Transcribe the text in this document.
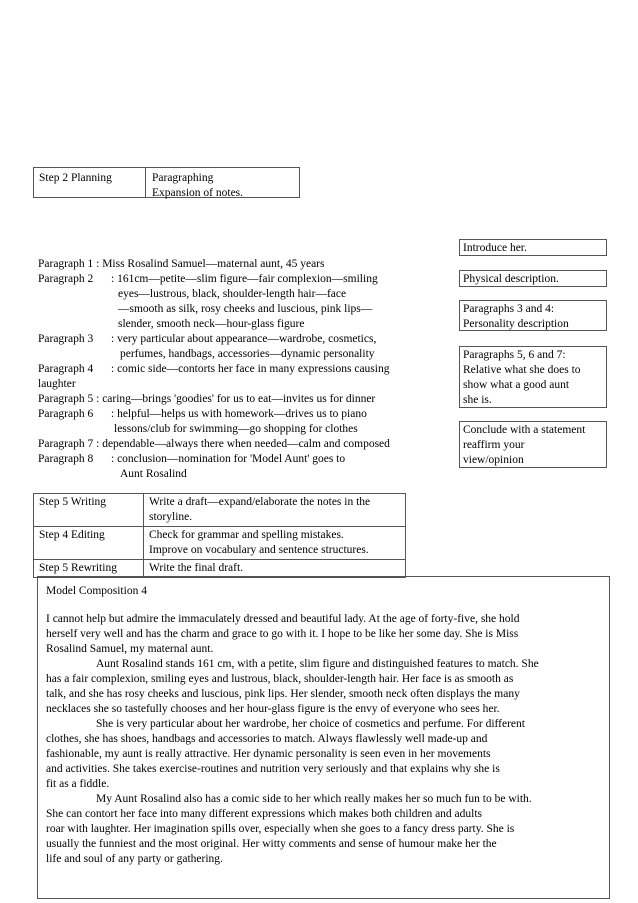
Step 2 Planning	Paragraphing
Expansion of notes.
Paragraph 1 : Miss Rosalind Samuel—maternal aunt, 45 years
Paragraph 2 : 161cm—petite—slim figure—fair complexion—smiling
eyes—lustrous, black, shoulder-length hair—face
—smooth as silk, rosy cheeks and luscious, pink lips—
slender, smooth neck—hour-glass figure
Paragraph 3 : very particular about appearance—wardrobe, cosmetics,
perfumes, handbags, accessories—dynamic personality
Paragraph 4 : comic side—contorts her face in many expressions causing
laughter
Paragraph 5 : caring—brings 'goodies' for us to eat—invites us for dinner
Paragraph 6 : helpful—helps us with homework—drives us to piano
lessons/club for swimming—go shopping for clothes
Paragraph 7 : dependable—always there when needed—calm and composed
Paragraph 8 : conclusion—nomination for 'Model Aunt' goes to
Aunt Rosalind
Introduce her.
Physical description.
Paragraphs 3 and 4:
Personality description
Paragraphs 5, 6 and 7:
Relative what she does to
show what a good aunt
she is.
Conclude with a statement
reaffirm your
view/opinion
Step 5 Writing	Write a draft—expand/elaborate the notes in the
storyline.

Step 4 Editing	Check for grammar and spelling mistakes.
Improve on vocabulary and sentence structures.

Step 5 Rewriting	Write the final draft.
Model Composition 4

I cannot help but admire the immaculately dressed and beautiful lady. At the age of forty-five, she hold
herself very well and has the charm and grace to go with it. I hope to be like her some day. She is Miss
Rosalind Samuel, my maternal aunt.

Aunt Rosalind stands 161 cm, with a petite, slim figure and distinguished features to match. She
has a fair complexion, smiling eyes and lustrous, black, shoulder-length hair. Her face is as smooth as
talk, and she has rosy cheeks and luscious, pink lips. Her slender, smooth neck often displays the many
necklaces she so tastefully chooses and her hour-glass figure is the envy of everyone who sees her.

She is very particular about her wardrobe, her choice of cosmetics and perfume. For different
clothes, she has shoes, handbags and accessories to match. Always flawlessly well made-up and
fashionable, my aunt is really attractive. Her dynamic personality is seen even in her movements
and activities. She takes exercise-routines and nutrition very seriously and that explains why she is
fit as a fiddle.

My Aunt Rosalind also has a comic side to her which really makes her so much fun to be with.
She can contort her face into many different expressions which makes both children and adults
roar with laughter. Her imagination spills over, especially when she goes to a fancy dress party. She is
usually the funniest and the most original. Her witty comments and sense of humour make her the
life and soul of any party or gathering.
